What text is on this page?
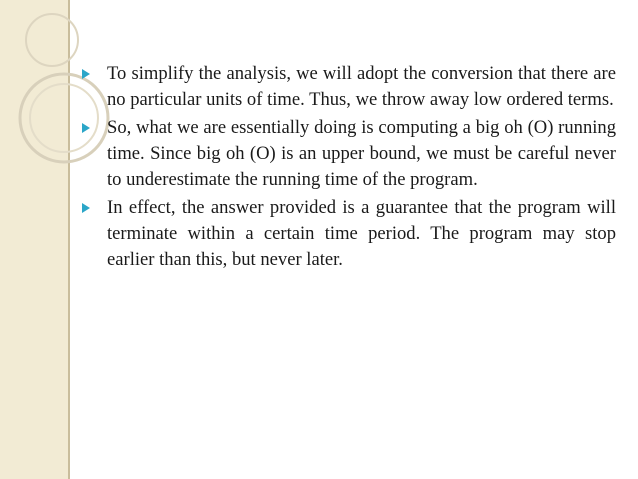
To simplify the analysis, we will adopt the conversion that there are no particular units of time. Thus, we throw away low ordered terms.

So, what we are essentially doing is computing a big oh (O) running time. Since big oh (O) is an upper bound, we must be careful never to underestimate the running time of the program.

In effect, the answer provided is a guarantee that the program will terminate within a certain time period. The program may stop earlier than this, but never later.
